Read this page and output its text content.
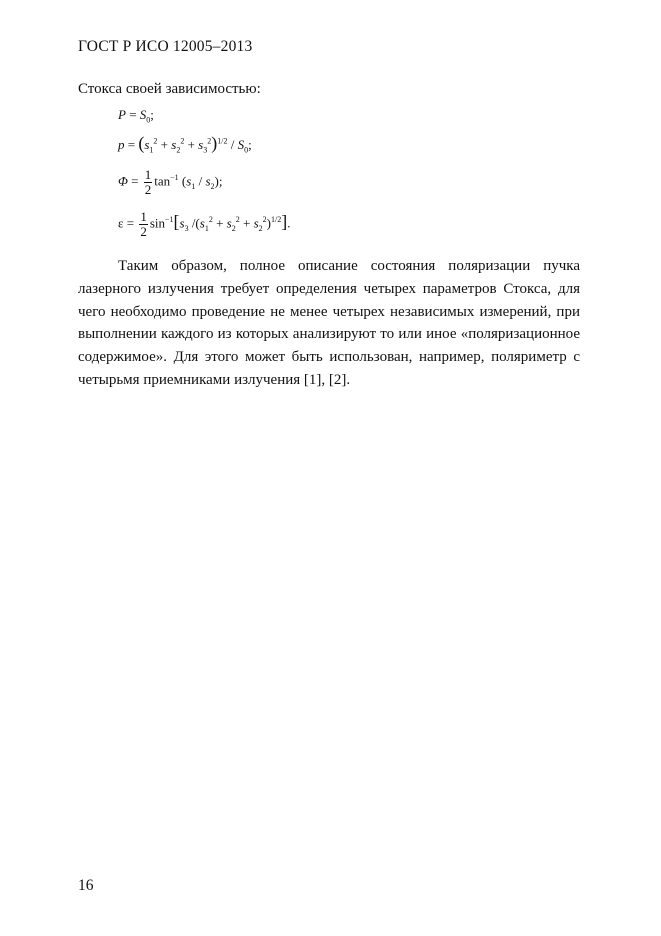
ГОСТ Р ИСО 12005–2013
Стокса своей зависимостью:
$P = S_0$;
$p = (s_1^2 + s_2^2 + s_3^2)^{1/2} / S_0$;
$\Phi = \frac{1}{2} \tan^{-1} (s_1 / s_2)$;
$\varepsilon = \frac{1}{2} \sin^{-1}[s_3$ $/(s_1^2 + s_2^2 + s_2^2)^{1/2}$].
Таким образом, полное описание состояния поляризации пучка лазерного излучения требует определения четырех параметров Стокса, для чего необходимо проведение не менее четырех независимых измерений, при выполнении каждого из которых анализируют то или иное «поляризационное содержимое». Для этого может быть использован, например, поляриметр с четырьмя приемниками излучения [1], [2].
16
